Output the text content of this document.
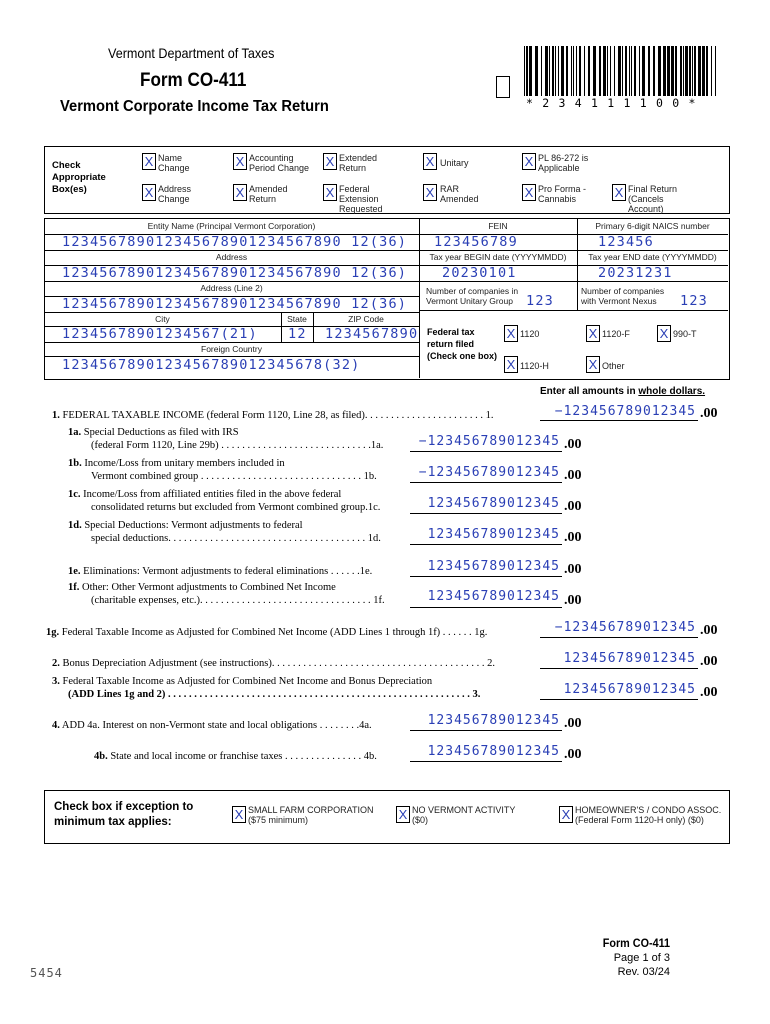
Vermont Department of Taxes
Form CO-411
Vermont Corporate Income Tax Return	* 2 3 4 1 1 1 1 0 0 *
Check Appropriate Box(es)
X Name Change	X Accounting Period Change X Extended Return	X Unitary	X PL 86-272 is Applicable
X Address Change	X Amended Return	X Federal Extension Requested
X RAR Amended	X Pro Forma - Cannabis	X Final Return (Cancels Account)
Entity Name (Principal Vermont Corporation)
123456789012345678901234567890 12(36)
Address
123456789012345678901234567890 12(36)
Address (Line 2)
123456789012345678901234567890 12(36)
City
12345678901234567(21)
State
12
ZIP Code
1234567890
Foreign Country
1234567890123456789012345678(32)
FEIN
123456789
Primary 6-digit NAICS number
123456
Tax year BEGIN date (YYYYMMDD)
20230101
Tax year END date (YYYYMMDD)
20231231
Number of companies in Vermont Unitary Group 123
Number of companies with Vermont Nexus	123
Federal tax return filed (Check one box)
X 1120	X 1120-F X 990-T
X 1120-H	X Other
Enter all amounts in whole dollars.
1. FEDERAL TAXABLE INCOME (federal Form 1120, Line 28, as filed). . . . . . . . . . . . . . . . . . . . . . . 1.	−123456789012345 .00
1a. Special Deductions as filed with IRS
(federal Form 1120, Line 29b) . . . . . . . . . . . . . . . . . . . . . . . . . . . . .1a.	−123456789012345 .00
1b. Income/Loss from unitary members included in
Vermont combined group . . . . . . . . . . . . . . . . . . . . . . . . . . . . . . . 1b.	−123456789012345 .00
1c. Income/Loss from affiliated entities filed in the above federal
consolidated returns but excluded from Vermont combined group.1c.	123456789012345 .00
1d. Special Deductions: Vermont adjustments to federal
special deductions. . . . . . . . . . . . . . . . . . . . . . . . . . . . . . . . . . . . . . 1d.	123456789012345 .00
1e. Eliminations: Vermont adjustments to federal eliminations . . . . . .1e.	123456789012345 .00
1f. Other: Other Vermont adjustments to Combined Net Income
(charitable expenses, etc.). . . . . . . . . . . . . . . . . . . . . . . . . . . . . . . . . 1f.	123456789012345 .00
1g. Federal Taxable Income as Adjusted for Combined Net Income (ADD Lines 1 through 1f) . . . . . . 1g.	−123456789012345 .00
2. Bonus Depreciation Adjustment (see instructions). . . . . . . . . . . . . . . . . . . . . . . . . . . . . . . . . . . . . . . . . 2.	123456789012345 .00
3. Federal Taxable Income as Adjusted for Combined Net Income and Bonus Depreciation
(ADD Lines 1g and 2) . . . . . . . . . . . . . . . . . . . . . . . . . . . . . . . . . . . . . . . . . . . . . . . . . . . . . . . . . . 3.	123456789012345 .00
4. ADD 4a. Interest on non-Vermont state and local obligations . . . . . . . .4a.	123456789012345 .00
4b. State and local income or franchise taxes . . . . . . . . . . . . . . . 4b.	123456789012345 .00
Check box if exception to minimum tax applies:	X SMALL FARM CORPORATION
($75 minimum)	X NO VERMONT ACTIVITY
($0)	X HOMEOWNER'S / CONDO ASSOC.
(Federal Form 1120-H only) ($0)
5454
Form CO-411
Page 1 of 3
Rev. 03/24
